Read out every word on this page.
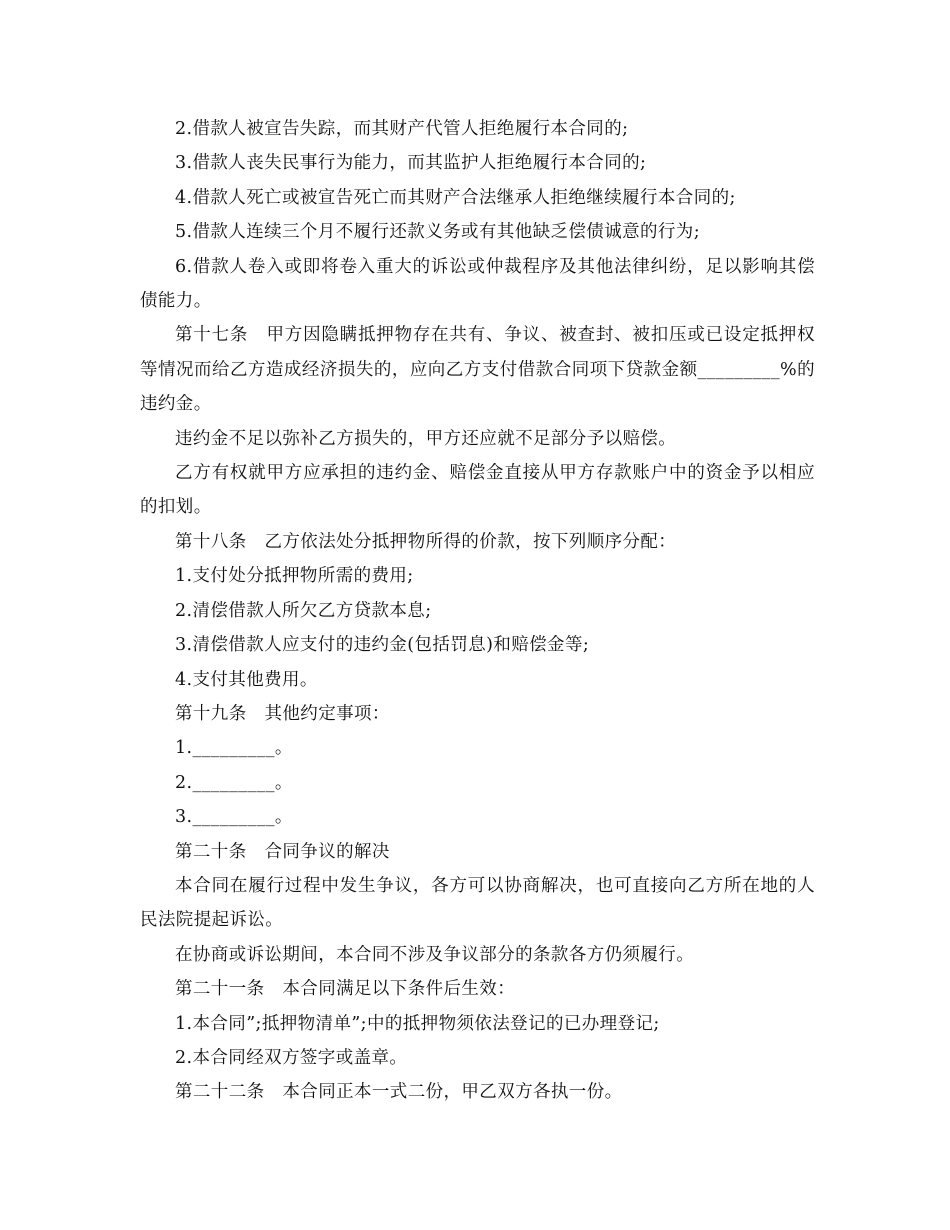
2.借款人被宣告失踪，而其财产代管人拒绝履行本合同的;

3.借款人丧失民事行为能力，而其监护人拒绝履行本合同的;

4.借款人死亡或被宣告死亡而其财产合法继承人拒绝继续履行本合同的;

5.借款人连续三个月不履行还款义务或有其他缺乏偿债诚意的行为;

6.借款人卷入或即将卷入重大的诉讼或仲裁程序及其他法律纠纷，足以影响其偿债能力。

第十七条　甲方因隐瞒抵押物存在共有、争议、被查封、被扣压或已设定抵押权等情况而给乙方造成经济损失的，应向乙方支付借款合同项下贷款金额_________%的违约金。

违约金不足以弥补乙方损失的，甲方还应就不足部分予以赔偿。

乙方有权就甲方应承担的违约金、赔偿金直接从甲方存款账户中的资金予以相应的扣划。

第十八条　乙方依法处分抵押物所得的价款，按下列顺序分配：

1.支付处分抵押物所需的费用;

2.清偿借款人所欠乙方贷款本息;

3.清偿借款人应支付的违约金(包括罚息)和赔偿金等;

4.支付其他费用。

第十九条　其他约定事项：

1._________。

2._________。

3._________。

第二十条　合同争议的解决

本合同在履行过程中发生争议，各方可以协商解决，也可直接向乙方所在地的人民法院提起诉讼。

在协商或诉讼期间，本合同不涉及争议部分的条款各方仍须履行。

第二十一条　本合同满足以下条件后生效：

1.本合同”;抵押物清单”;中的抵押物须依法登记的已办理登记;

2.本合同经双方签字或盖章。

第二十二条　本合同正本一式二份，甲乙双方各执一份。
